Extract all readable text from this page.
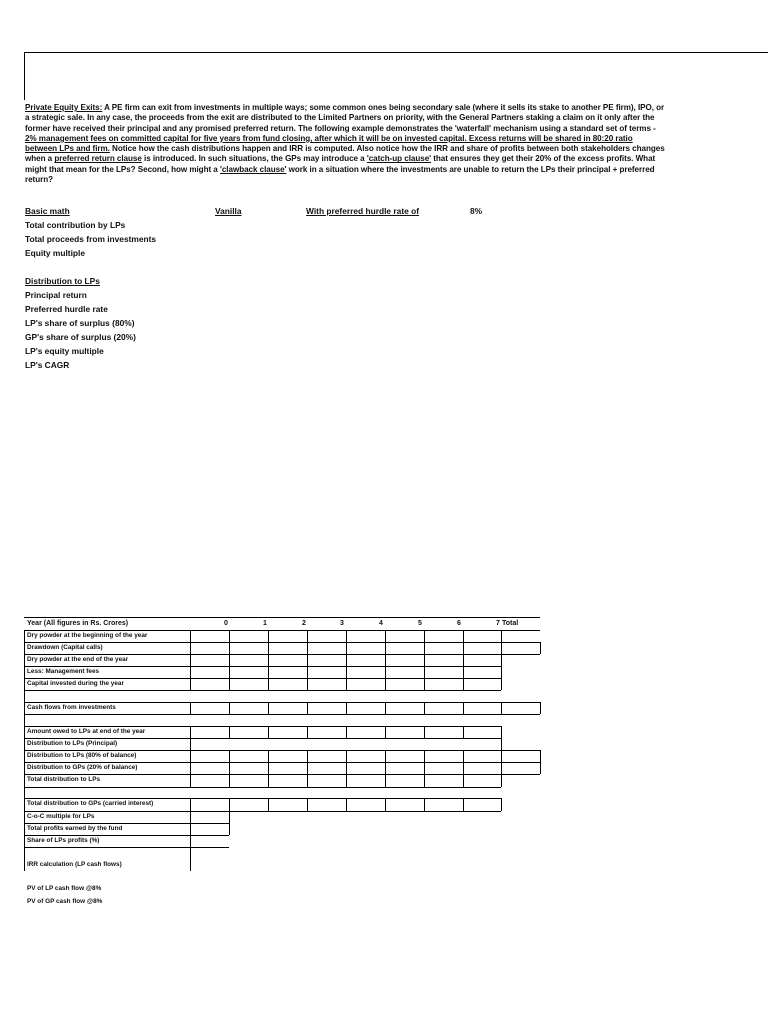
Private Equity Exits: A PE firm can exit from investments in multiple ways; some common ones being secondary sale (where it sells its stake to another PE firm), IPO, or a strategic sale. In any case, the proceeds from the exit are distributed to the Limited Partners on priority, with the General Partners staking a claim on it only after the former have received their principal and any promised preferred return. The following example demonstrates the 'waterfall' mechanism using a standard set of terms - 2% management fees on committed capital for five years from fund closing, after which it will be on invested capital. Excess returns will be shared in 80:20 ratio between LPs and firm. Notice how the cash distributions happen and IRR is computed. Also notice how the IRR and share of profits between both stakeholders changes when a preferred return clause is introduced. In such situations, the GPs may introduce a 'catch-up clause' that ensures they get their 20% of the excess profits. What might that mean for the LPs? Second, how might a 'clawback clause' work in a situation where the investments are unable to return the LPs their principal + preferred return?
Basic math	Vanilla	With preferred hurdle rate of	8%
Total contribution by LPs
Total proceeds from investments
Equity multiple
Distribution to LPs
Principal return
Preferred hurdle rate
LP's share of surplus (80%)
GP's share of surplus (20%)
LP's equity multiple
LP's CAGR
Year (All figures in Rs. Crores)	0	1	2	3	4	5	6	7 Total
Dry powder at the beginning of the year
Drawdown (Capital calls)
Dry powder at the end of the year
Less: Management fees
Capital invested during the year
Cash flows from investments
Amount owed to LPs at end of the year
Distribution to LPs (Principal)
Distribution to LPs (80% of balance)
Distribution to GPs (20% of balance)
Total distribution to LPs
Total distribution to GPs (carried interest)
C-o-C multiple for LPs
Total profits earned by the fund
Share of LPs profits (%)
IRR calculation (LP cash flows)
PV of LP cash flow @8%
PV of GP cash flow @8%
